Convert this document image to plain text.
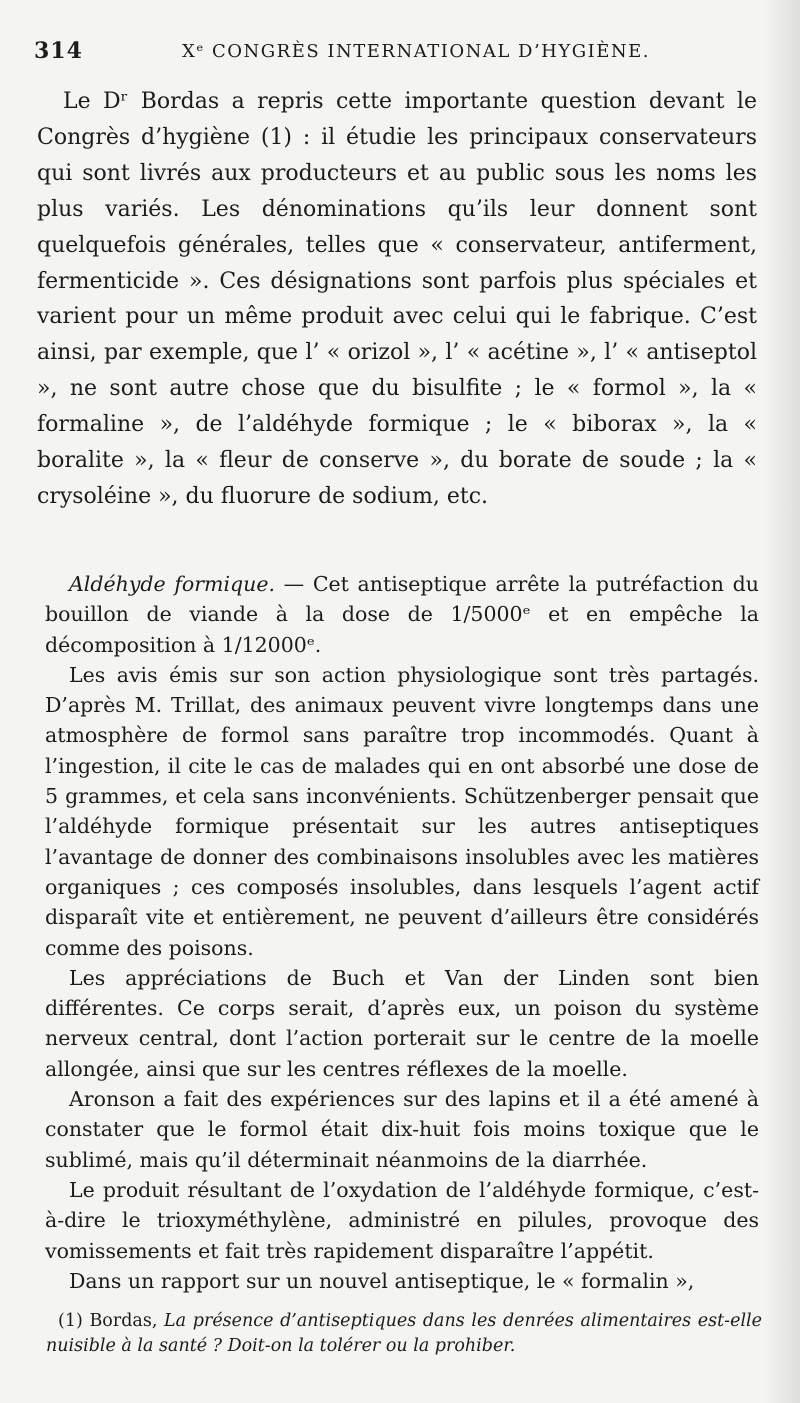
314	Xᵉ CONGRÈS INTERNATIONAL D’HYGIÈNE.

Le Dʳ Bordas a repris cette importante question devant le Congrès d’hygiène (1) : il étudie les principaux conservateurs qui sont livrés aux producteurs et au public sous les noms les plus variés. Les dénominations qu’ils leur donnent sont quelquefois générales, telles que « conservateur, antiferment, fermenticide ». Ces désignations sont parfois plus spéciales et varient pour un même produit avec celui qui le fabrique. C’est ainsi, par exemple, que l’ « orizol », l’ « acétine », l’ « antiseptol », ne sont autre chose que du bisulfite ; le « formol », la « formaline », de l’aldéhyde formique ; le « biborax », la « boralite », la « fleur de conserve », du borate de soude ; la « crysoléine », du fluorure de sodium, etc.

Aldéhyde formique. — Cet antiseptique arrête la putréfaction du bouillon de viande à la dose de 1/5000ᵉ et en empêche la décomposition à 1/12000ᵉ.

Les avis émis sur son action physiologique sont très partagés. D’après M. Trillat, des animaux peuvent vivre longtemps dans une atmosphère de formol sans paraître trop incommodés. Quant à l’ingestion, il cite le cas de malades qui en ont absorbé une dose de 5 grammes, et cela sans inconvénients. Schützenberger pensait que l’aldéhyde formique présentait sur les autres antiseptiques l’avantage de donner des combinaisons insolubles avec les matières organiques ; ces composés insolubles, dans lesquels l’agent actif disparaît vite et entièrement, ne peuvent d’ailleurs être considérés comme des poisons.

Les appréciations de Buch et Van der Linden sont bien différentes. Ce corps serait, d’après eux, un poison du système nerveux central, dont l’action porterait sur le centre de la moelle allongée, ainsi que sur les centres réflexes de la moelle.

Aronson a fait des expériences sur des lapins et il a été amené à constater que le formol était dix-huit fois moins toxique que le sublimé, mais qu’il déterminait néanmoins de la diarrhée.

Le produit résultant de l’oxydation de l’aldéhyde formique, c’est-à-dire le trioxyméthylène, administré en pilules, provoque des vomissements et fait très rapidement disparaître l’appétit.

Dans un rapport sur un nouvel antiseptique, le « formalin »,

(1) Bordas, La présence d’antiseptiques dans les denrées alimentaires est-elle nuisible à la santé ? Doit-on la tolérer ou la prohiber.
